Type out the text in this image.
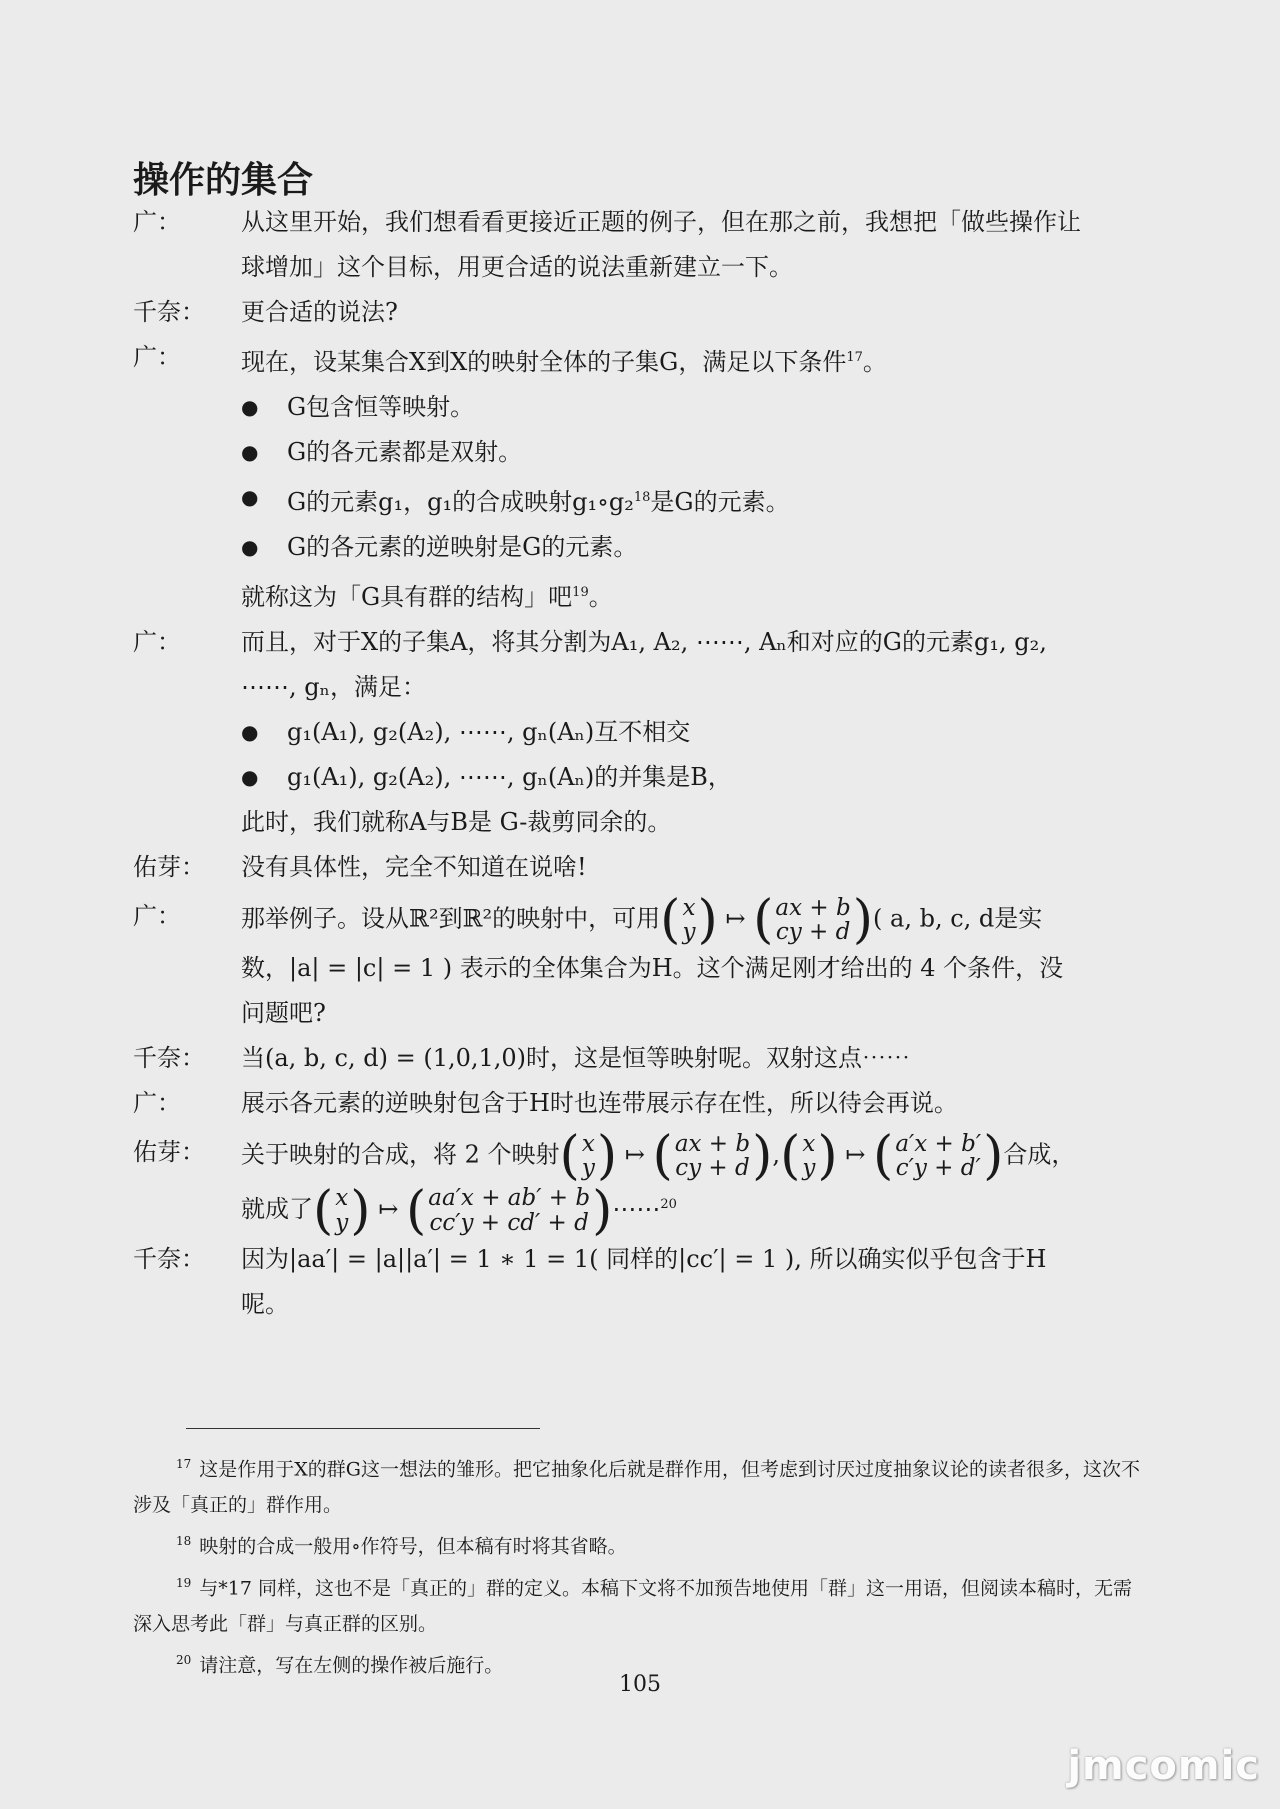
操作的集合
广：	从这里开始，我们想看看更接近正题的例子，但在那之前，我想把「做些操作让球增加」这个目标，用更合适的说法重新建立一下。
千奈：	更合适的说法?
广：	现在，设某集合X到X的映射全体的子集G，满足以下条件$^{17}$。
●	G包含恒等映射。
●	G的各元素都是双射。
●	G的元素g₁，g₁的合成映射g₁∘g₂$^{18}$是G的元素。
●	G的各元素的逆映射是G的元素。
就称这为「G具有群的结构」吧$^{19}$。
广：	而且，对于X的子集A，将其分割为A₁, A₂, ⋯⋯, Aₙ和对应的G的元素g₁, g₂, ⋯⋯, gₙ，满足：
●	g₁(A₁), g₂(A₂), ⋯⋯, gₙ(Aₙ)互不相交
●	g₁(A₁), g₂(A₂), ⋯⋯, gₙ(Aₙ)的并集是B，
此时，我们就称A与B是 G-裁剪同余的。
佑芽：	没有具体性，完全不知道在说啥!
广：	那举例子。设从ℝ²到ℝ²的映射中，可用 ( x
y ) ↦ ( ax + b
cy + d ) ( a, b, c, d是实数，|a| = |c| = 1 ) 表示的全体集合为H。这个满足刚才给出的 4 个条件，没问题吧?
千奈：	当(a, b, c, d) = (1,0,1,0)时，这是恒等映射呢。双射这点⋯⋯
广：	展示各元素的逆映射包含于H时也连带展示存在性，所以待会再说。
佑芽：	关于映射的合成，将 2 个映射 ( x
y ) ↦ ( ax + b
cy + d ) , ( x
y ) ↦ ( a′x + b′
c′y + d′ ) 合成，
就成了 ( x
y ) ↦ ( aa′x + ab′ + b
cc′y + cd′ + d ) ⋯⋯$^{20}$
千奈：	因为|aa′| = |a||a′| = 1 ∗ 1 = 1( 同样的|cc′| = 1 ), 所以确实似乎包含于H呢。

$^{17}$ 这是作用于X的群G这一想法的雏形。把它抽象化后就是群作用，但考虑到讨厌过度抽象议论的读者很多，这次不涉及「真正的」群作用。

$^{18}$ 映射的合成一般用∘作符号，但本稿有时将其省略。

$^{19}$ 与*17 同样，这也不是「真正的」群的定义。本稿下文将不加预告地使用「群」这一用语，但阅读本稿时，无需深入思考此「群」与真正群的区别。

$^{20}$ 请注意，写在左侧的操作被后施行。

105
jmcomic
